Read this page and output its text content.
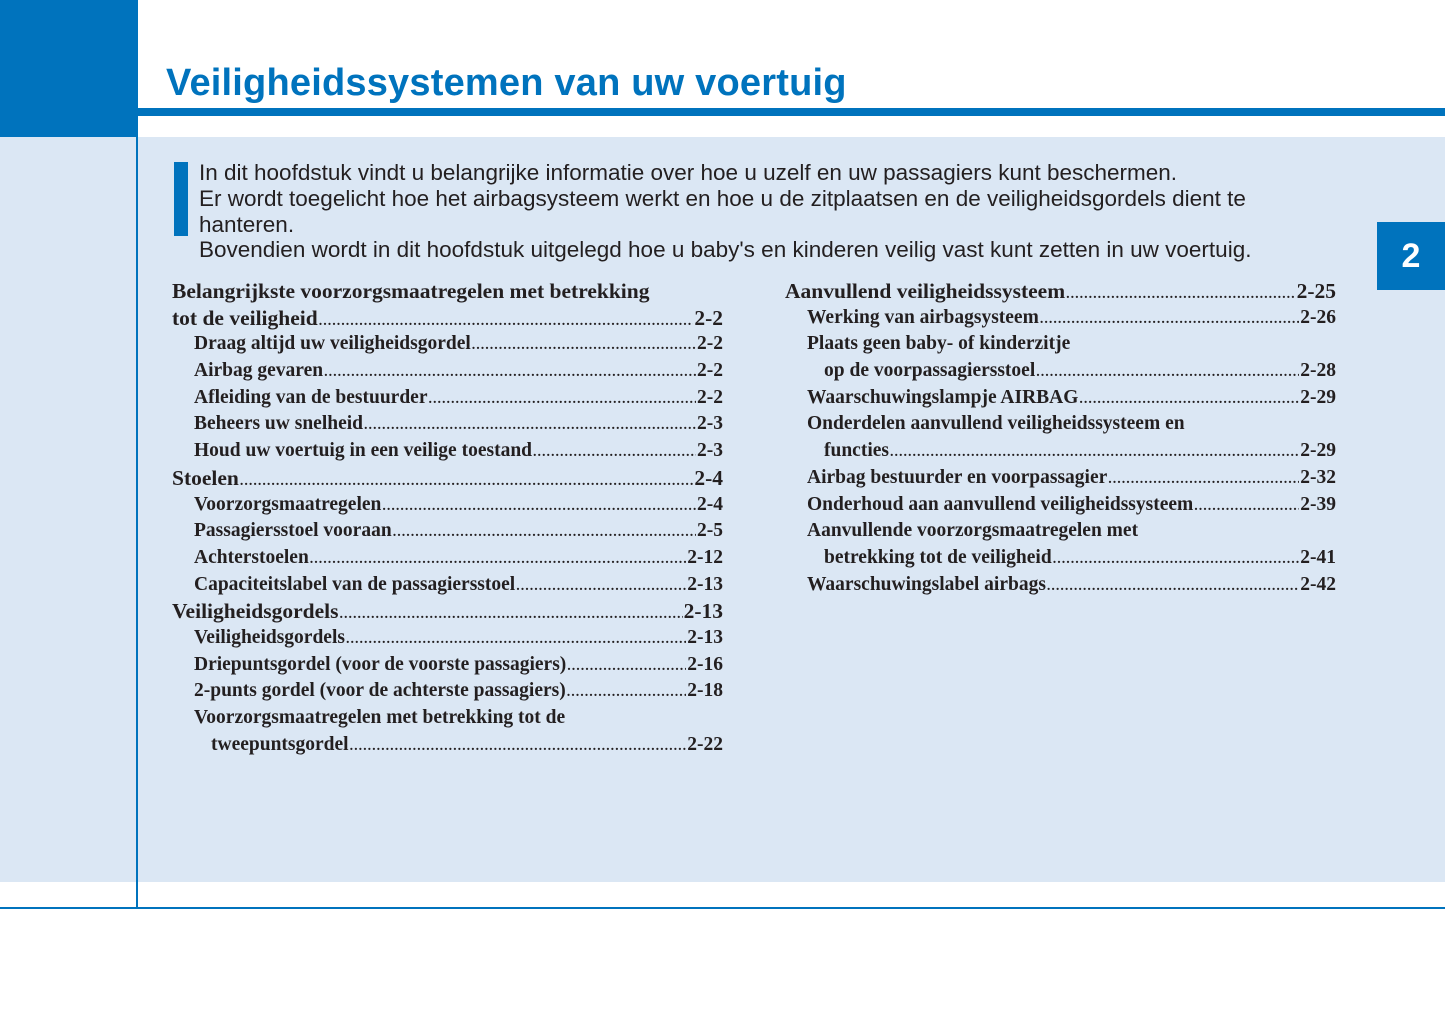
Veiligheidssystemen van uw voertuig
2
In dit hoofdstuk vindt u belangrijke informatie over hoe u uzelf en uw passagiers kunt beschermen.
Er wordt toegelicht hoe het airbagsysteem werkt en hoe u de zitplaatsen en de veiligheidsgordels dient te
hanteren.
Bovendien wordt in dit hoofdstuk uitgelegd hoe u baby's en kinderen veilig vast kunt zetten in uw voertuig.
Belangrijkste voorzorgsmaatregelen met betrekking
tot de veiligheid .....	2-2
Draag altijd uw veiligheidsgordel .....	2-2
Airbag gevaren .....	2-2
Afleiding van de bestuurder .....	2-2
Beheers uw snelheid .....	2-3
Houd uw voertuig in een veilige toestand .....	2-3
Stoelen .....	2-4
Voorzorgsmaatregelen .....	2-4
Passagiersstoel vooraan .....	2-5
Achterstoelen .....	2-12
Capaciteitslabel van de passagiersstoel .....	2-13
Veiligheidsgordels .....	2-13
Veiligheidsgordels .....	2-13
Driepuntsgordel (voor de voorste passagiers) .....	2-16
2-punts gordel (voor de achterste passagiers) .....	2-18
Voorzorgsmaatregelen met betrekking tot de
tweepuntsgordel .....	2-22
Aanvullend veiligheidssysteem .....	2-25
Werking van airbagsysteem .....	2-26
Plaats geen baby- of kinderzitje
op de voorpassagiersstoel .....	2-28
Waarschuwingslampje AIRBAG .....	2-29
Onderdelen aanvullend veiligheidssysteem en
functies .....	2-29
Airbag bestuurder en voorpassagier .....	2-32
Onderhoud aan aanvullend veiligheidssysteem .....	2-39
Aanvullende voorzorgsmaatregelen met
betrekking tot de veiligheid .....	2-41
Waarschuwingslabel airbags .....	2-42
